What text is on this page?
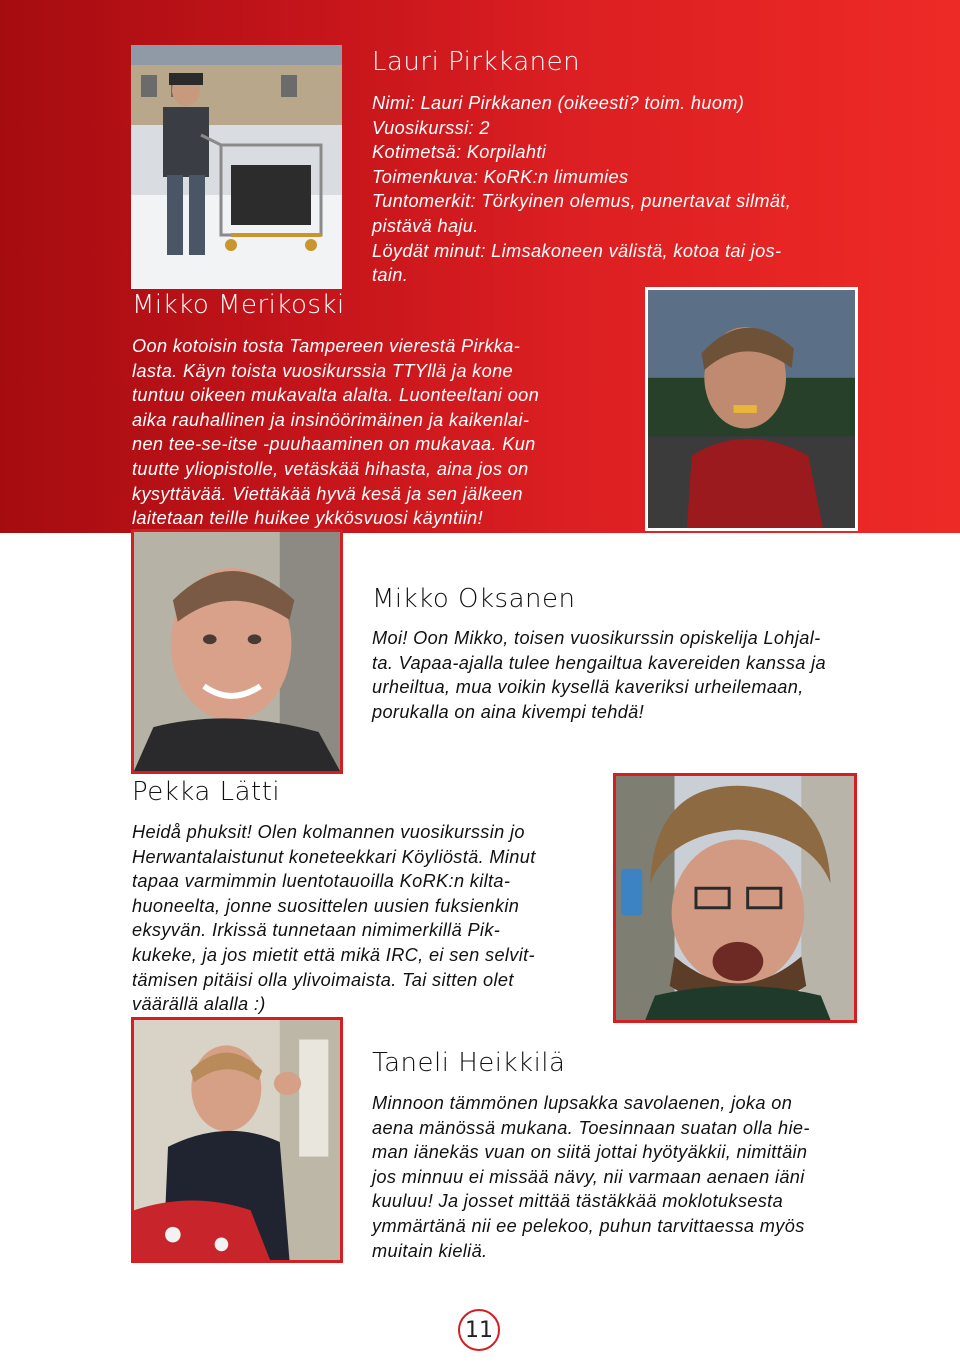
Lauri Pirkkanen
Nimi: Lauri Pirkkanen (oikeesti? toim. huom)
Vuosikurssi: 2
Kotimetsä: Korpilahti
Toimenkuva: KoRK:n limumies
Tuntomerkit: Törkyinen olemus, punertavat silmät,
pistävä haju.
Löydät minut: Limsakoneen välistä, kotoa tai jos-
tain.
Mikko Merikoski
Oon kotoisin tosta Tampereen vierestä Pirkka-
lasta. Käyn toista vuosikurssia TTYllä ja kone
tuntuu oikeen mukavalta alalta. Luonteeltani oon
aika rauhallinen ja insinöörimäinen ja kaikenlai-
nen tee-se-itse -puuhaaminen on mukavaa. Kun
tuutte yliopistolle, vetäskää hihasta, aina jos on
kysyttävää. Viettäkää hyvä kesä ja sen jälkeen
laitetaan teille huikee ykkösvuosi käyntiin!
Mikko Oksanen
Moi! Oon Mikko, toisen vuosikurssin opiskelija Lohjal-
ta. Vapaa-ajalla tulee hengailtua kavereiden kanssa ja
urheiltua, mua voikin kysellä kaveriksi urheilemaan,
porukalla on aina kivempi tehdä!
Pekka Lätti
Heidå phuksit! Olen kolmannen vuosikurssin jo
Herwantalaistunut koneteekkari Köyliöstä. Minut
tapaa varmimmin luentotauoilla KoRK:n kilta-
huoneelta, jonne suosittelen uusien fuksienkin
eksyvän. Irkissä tunnetaan nimimerkillä Pik-
kukeke, ja jos mietit että mikä IRC, ei sen selvit-
tämisen pitäisi olla ylivoimaista. Tai sitten olet
väärällä alalla :)
Taneli Heikkilä
Minnoon tämmönen lupsakka savolaenen, joka on
aena mänössä mukana. Toesinnaan suatan olla hie-
man iänekäs vuan on siitä jottai hyötyäkkii, nimittäin
jos minnuu ei missää nävy, nii varmaan aenaen iäni
kuuluu! Ja josset mittää tästäkkää moklotuksesta
ymmärtänä nii ee pelekoo, puhun tarvittaessa myös
muitain kieliä.
11
